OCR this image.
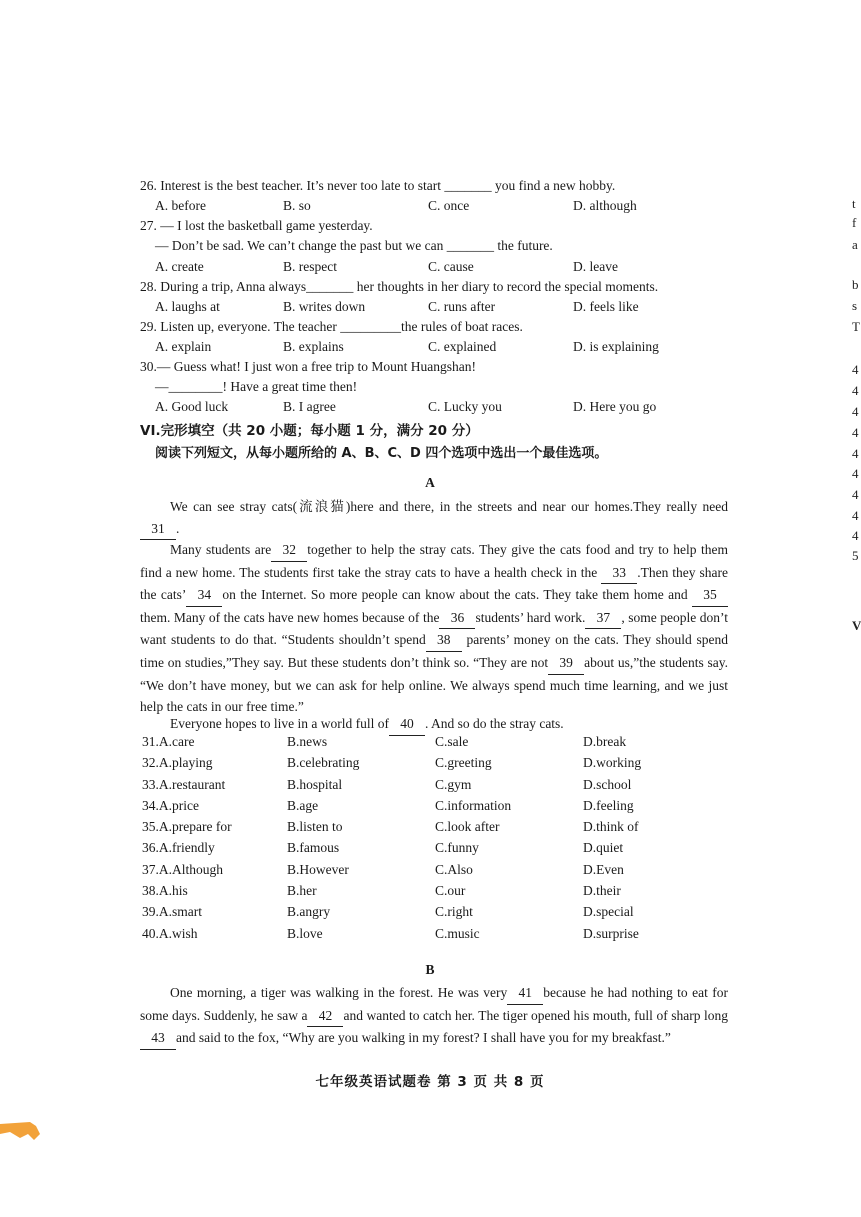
26. Interest is the best teacher. It’s never too late to start _______ you find a new hobby.
A. before	B. so	C. once	D. although
27. — I lost the basketball game yesterday.
— Don’t be sad. We can’t change the past but we can _______ the future.
A. create	B. respect	C. cause	D. leave
28. During a trip, Anna always_______ her thoughts in her diary to record the special moments.
A. laughs at	B. writes down	C. runs after	D. feels like
29. Listen up, everyone. The teacher _________the rules of boat races.
A. explain	B. explains	C. explained	D. is explaining
30.— Guess what! I just won a free trip to Mount Huangshan!
—________! Have a great time then!
A. Good luck	B. I agree	C. Lucky you	D. Here you go
VI.完形填空（共 20 小题；每小题 1 分，满分 20 分）
阅读下列短文，从每小题所给的 A、B、C、D 四个选项中选出一个最佳选项。
A
We can see stray cats(流浪猫)here and there, in the streets and near our homes.They really need 31 .
Many students are 32 together to help the stray cats. They give the cats food and try to help them find a new home. The students first take the stray cats to have a health check in the 33 .Then they share the cats’ 34 on the Internet. So more people can know about the cats. They take them home and 35them. Many of the cats have new homes because of the 36 students’ hard work. 37 , some people don’t want students to do that. “Students shouldn’t spend 38 parents’ money on the cats. They should spend time on studies,”They say. But these students don’t think so. “They are not 39 about us,”the students say. “We don’t have money, but we can ask for help online. We always spend much time learning, and we just help the cats in our free time.”
Everyone hopes to live in a world full of 40 . And so do the stray cats.
31.A.care	B.news	C.sale	D.break
32.A.playing	B.celebrating	C.greeting	D.working
33.A.restaurant	B.hospital	C.gym	D.school
34.A.price	B.age	C.information	D.feeling
35.A.prepare for	B.listen to	C.look after	D.think of
36.A.friendly	B.famous	C.funny	D.quiet
37.A.Although	B.However	C.Also	D.Even
38.A.his	B.her	C.our	D.their
39.A.smart	B.angry	C.right	D.special
40.A.wish	B.love	C.music	D.surprise
B
One morning, a tiger was walking in the forest. He was very 41 because he had nothing to eat for some days. Suddenly, he saw a 42 and wanted to catch her. The tiger opened his mouth, full of sharp long43 and said to the fox, “Why are you walking in my forest? I shall have you for my breakfast.”
七年级英语试题卷 第 3 页 共 8 页
t
f
a
b
s
T
4
4
4
4
4
4
4
4
4
5
V
